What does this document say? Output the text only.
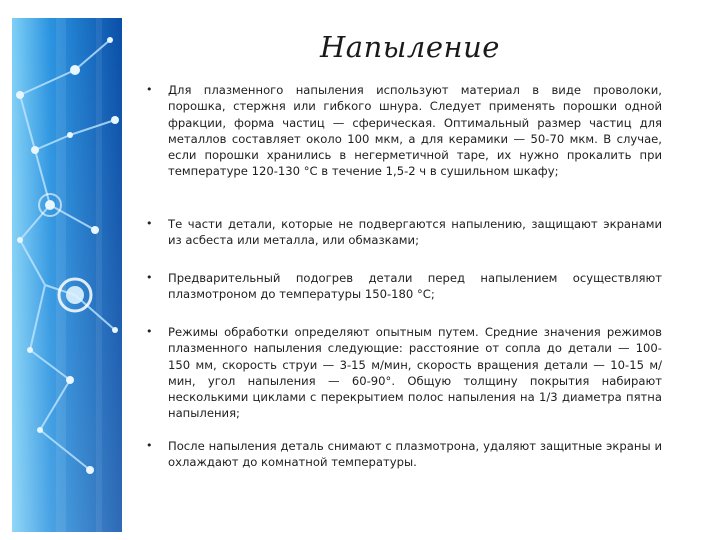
Напыление
• Для плазменного напыления используют материал в виде проволоки, порошка, стержня или гибкого шнура. Следует применять порошки одной фракции, форма частиц — сферическая. Оптимальный размер частиц для металлов составляет около 100 мкм, а для керамики — 50-70 мкм. В случае, если порошки хранились в негерметичной таре, их нужно прокалить при температуре 120-130 °С в течение 1,5-2 ч в сушильном шкафу;
• Те части детали, которые не подвергаются напылению, защищают экранами из асбеста или металла, или обмазками;
• Предварительный подогрев детали перед напылением осуществляют плазмотроном до температуры 150-180 °С;
• Режимы обработки определяют опытным путем. Средние значения режимов плазменного напыления следующие: расстояние от сопла до детали — 100-150 мм, скорость струи — 3-15 м/мин, скорость вращения детали — 10-15 м/мин, угол напыления — 60-90°. Общую толщину покрытия набирают несколькими циклами с перекрытием полос напыления на 1/3 диаметра пятна напыления;
• После напыления деталь снимают с плазмотрона, удаляют защитные экраны и охлаждают до комнатной температуры.
